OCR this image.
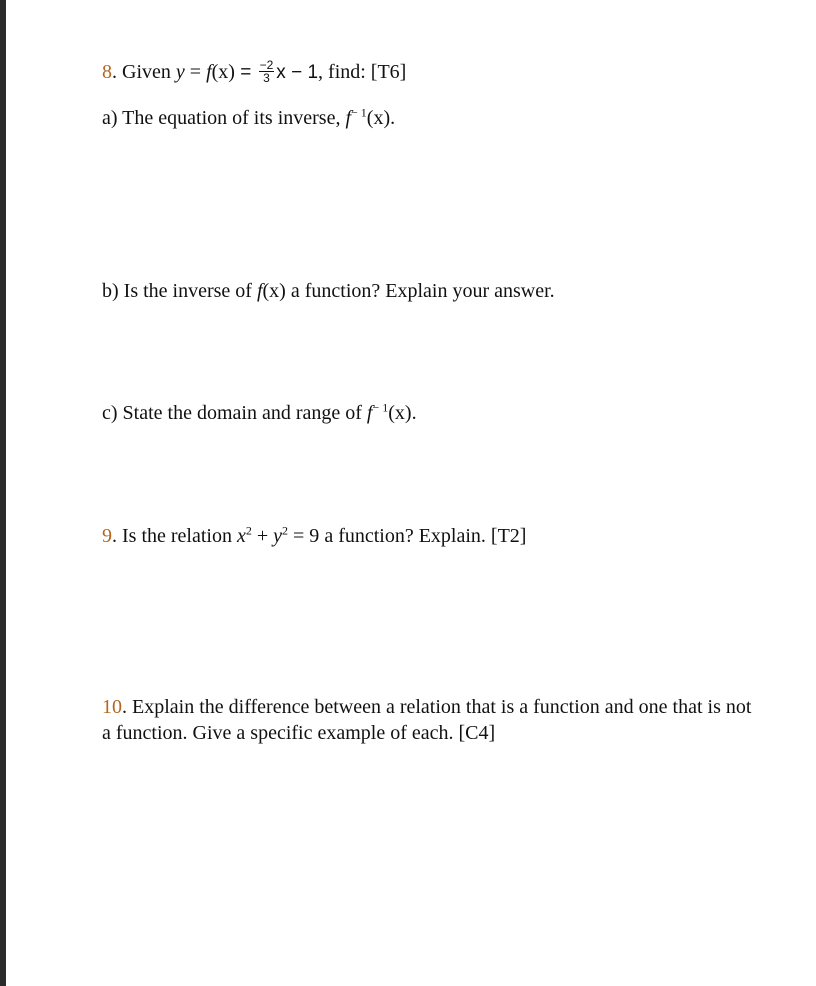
8. Given $y = f(x) = \frac{-2}{3}$ x − 1, find: [T6]
a) The equation of its inverse, $f^{- 1}(x)$.
b) Is the inverse of f(x) a function? Explain your answer.
c) State the domain and range of $f^{- 1}(x)$.
9. Is the relation $x^2 + y^2 = 9$ a function? Explain. [T2]
10. Explain the difference between a relation that is a function and one that is not a function. Give a specific example of each. [C4]
